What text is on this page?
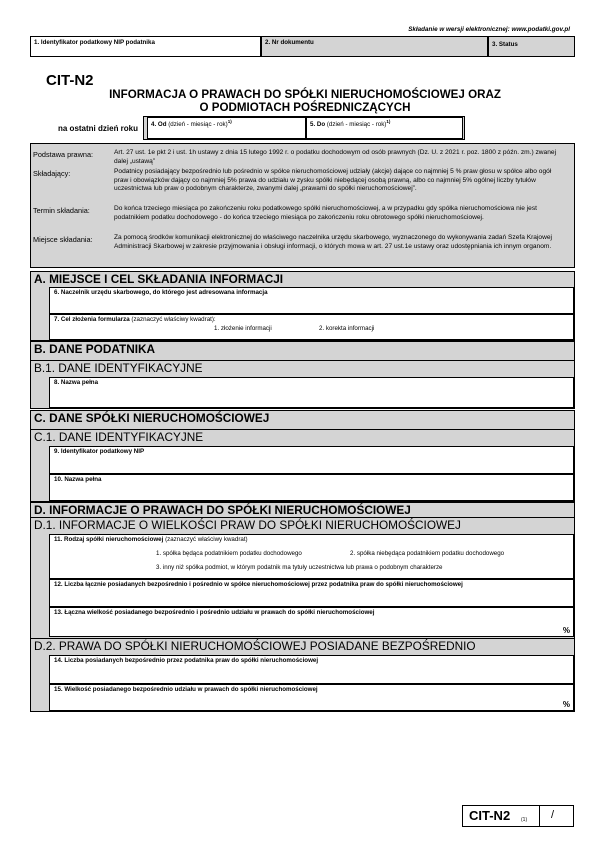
Składanie w wersji elektronicznej: www.podatki.gov.pl
1. Identyfikator podatkowy NIP podatnika	2. Nr dokumentu	3. Status
CIT-N2
INFORMACJA O PRAWACH DO SPÓŁKI NIERUCHOMOŚCIOWEJ ORAZ
O PODMIOTACH POŚREDNICZĄCYCH
na ostatni dzień roku 4. Od (dzień - miesiąc - rok)$^{1)}$	5. Do (dzień - miesiąc - rok)$^{1)}$
Podstawa prawna:	Art. 27 ust. 1e pkt 2 i ust. 1h ustawy z dnia 15 lutego 1992 r. o podatku dochodowym od osób prawnych (Dz. U. z 2021 r. poz. 1800 z późn. zm.) zwanej dalej „ustawą”
Składający:	Podatnicy posiadający bezpośrednio lub pośrednio w spółce nieruchomościowej udziały (akcje) dające co najmniej 5 % praw głosu w spółce albo ogół praw i obowiązków dający co najmniej 5% prawa do udziału w zysku spółki niebędącej osobą prawną, albo co najmniej 5% ogólnej liczby tytułów uczestnictwa lub praw o podobnym charakterze, zwanymi dalej „prawami do spółki nieruchomościowej”.
Termin składania:	Do końca trzeciego miesiąca po zakończeniu roku podatkowego spółki nieruchomościowej, a w przypadku gdy spółka nieruchomościowa nie jest podatnikiem podatku dochodowego - do końca trzeciego miesiąca po zakończeniu roku obrotowego spółki nieruchomościowej.
Miejsce składania:	Za pomocą środków komunikacji elektronicznej do właściwego naczelnika urzędu skarbowego, wyznaczonego do wykonywania zadań Szefa Krajowej Administracji Skarbowej w zakresie przyjmowania i obsługi informacji, o których mowa w art. 27 ust.1e ustawy oraz udostępniania ich innym organom.
A. MIEJSCE I CEL SKŁADANIA INFORMACJI
6. Naczelnik urzędu skarbowego, do którego jest adresowana informacja
7. Cel złożenia formularza (zaznaczyć właściwy kwadrat):
1. złożenie informacji	2. korekta informacji
B. DANE PODATNIKA
B.1. DANE IDENTYFIKACYJNE
8. Nazwa pełna
C. DANE SPÓŁKI NIERUCHOMOŚCIOWEJ
C.1. DANE IDENTYFIKACYJNE
9. Identyfikator podatkowy NIP
10. Nazwa pełna
D. INFORMACJE O PRAWACH DO SPÓŁKI NIERUCHOMOŚCIOWEJ
D.1. INFORMACJE O WIELKOŚCI PRAW DO SPÓŁKI NIERUCHOMOŚCIOWEJ
11. Rodzaj spółki nieruchomościowej (zaznaczyć właściwy kwadrat)
1. spółka będąca podatnikiem podatku dochodowego	2. spółka niebędąca podatnikiem podatku dochodowego
3. inny niż spółka podmiot, w którym podatnik ma tytuły uczestnictwa lub prawa o podobnym charakterze
12. Liczba łącznie posiadanych bezpośrednio i pośrednio w spółce nieruchomościowej przez podatnika praw do spółki nieruchomościowej
13. Łączna wielkość posiadanego bezpośrednio i pośrednio udziału w prawach do spółki nieruchomościowej
%
D.2. PRAWA DO SPÓŁKI NIERUCHOMOŚCIOWEJ POSIADANE BEZPOŚREDNIO
14. Liczba posiadanych bezpośrednio przez podatnika praw do spółki nieruchomościowej
15. Wielkość posiadanego bezpośrednio udziału w prawach do spółki nieruchomościowej
%
CIT-N2 (1) /
